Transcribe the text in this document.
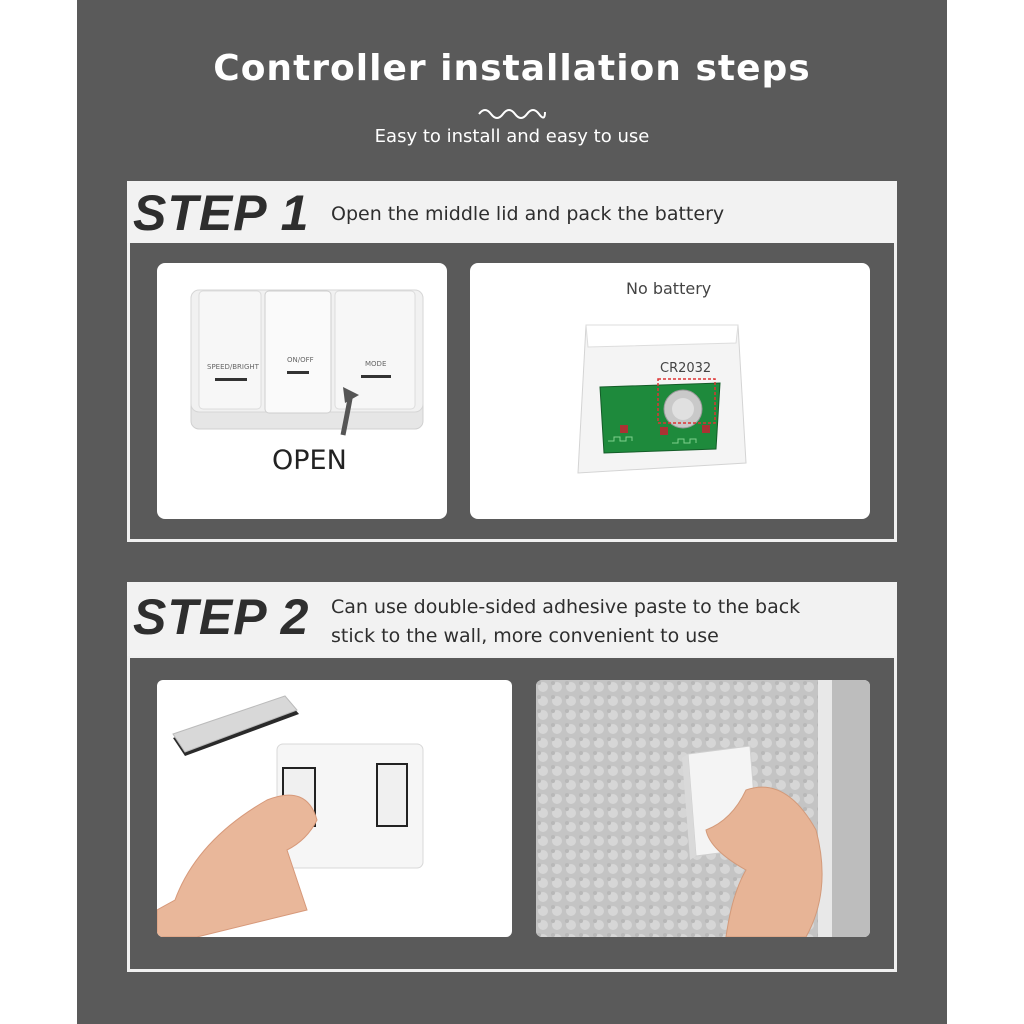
Controller installation steps
Easy to install and easy to use
STEP 1 Open the middle lid and pack the battery
SPEED/BRIGHT
ON/OFF	MODE
OPEN
No battery
CR2032
STEP 2 Can use double-sided adhesive paste to the back
stick to the wall, more convenient to use
